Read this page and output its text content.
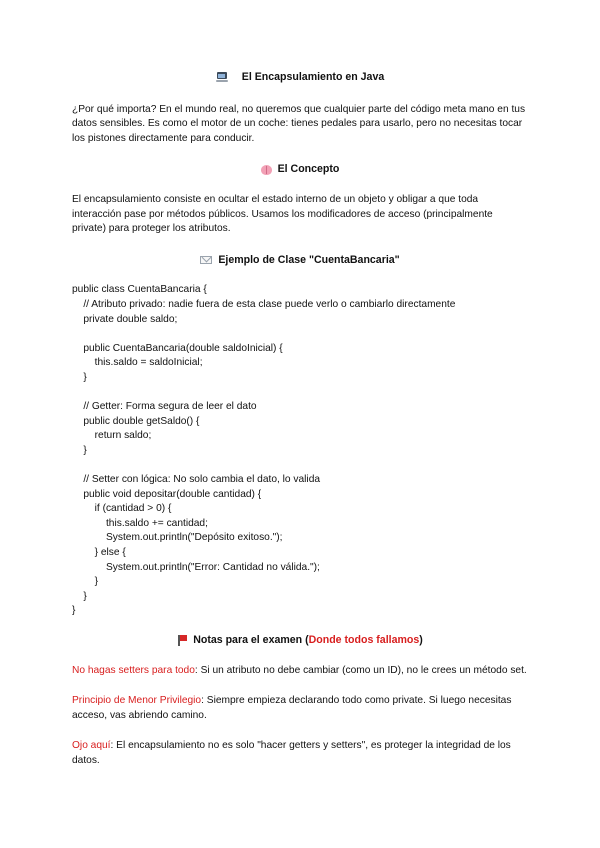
El Encapsulamiento en Java

¿Por qué importa? En el mundo real, no queremos que cualquier parte del código meta mano en tus datos sensibles. Es como el motor de un coche: tienes pedales para usarlo, pero no necesitas tocar los pistones directamente para conducir.

El Concepto

El encapsulamiento consiste en ocultar el estado interno de un objeto y obligar a que toda interacción pase por métodos públicos. Usamos los modificadores de acceso (principalmente private) para proteger los atributos.

Ejemplo de Clase "CuentaBancaria"
public class CuentaBancaria {
// Atributo privado: nadie fuera de esta clase puede verlo o cambiarlo directamente
private double saldo;

public CuentaBancaria(double saldoInicial) {
this.saldo = saldoInicial;
}

// Getter: Forma segura de leer el dato
public double getSaldo() {
return saldo;
}

// Setter con lógica: No solo cambia el dato, lo valida
public void depositar(double cantidad) {
if (cantidad > 0) {
this.saldo += cantidad;
System.out.println("Depósito exitoso.");
} else {
System.out.println("Error: Cantidad no válida.");
}
}
}
Notas para el examen (Donde todos fallamos)

No hagas setters para todo: Si un atributo no debe cambiar (como un ID), no le crees un método set.

Principio de Menor Privilegio: Siempre empieza declarando todo como private. Si luego necesitas acceso, vas abriendo camino.

Ojo aquí: El encapsulamiento no es solo "hacer getters y setters", es proteger la integridad de los datos.
